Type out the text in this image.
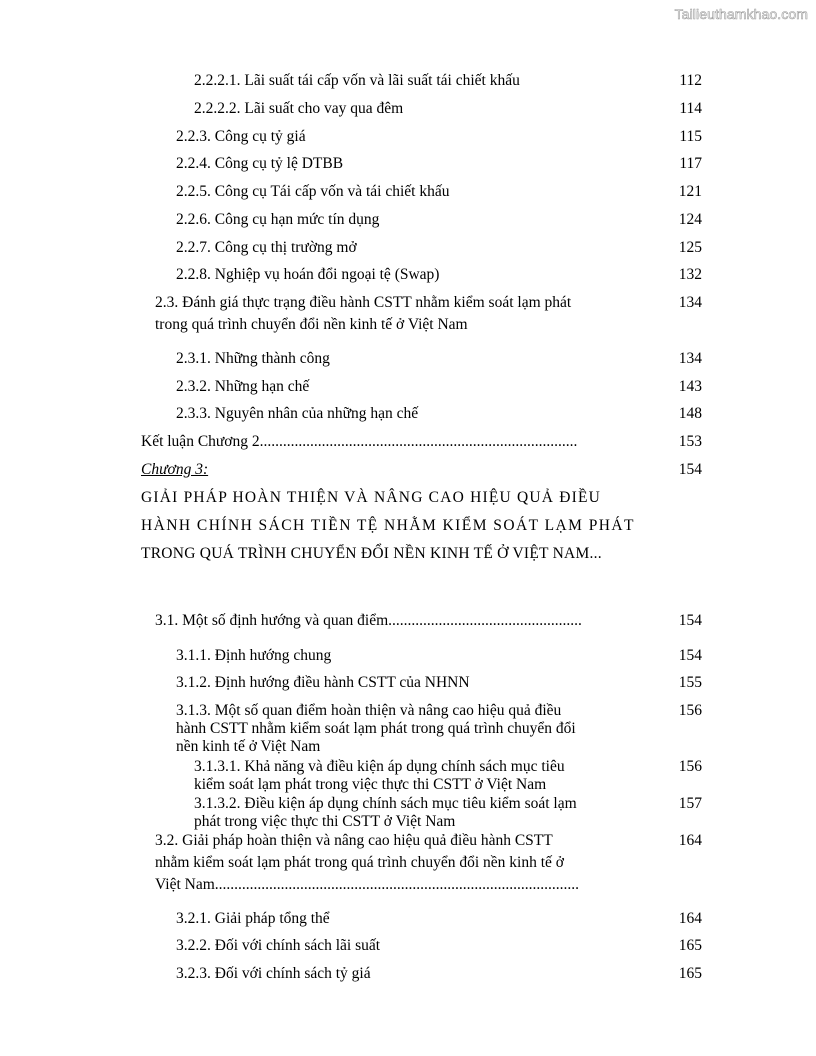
Tailieuthamkhao.com
2.2.2.1. Lãi suất tái cấp vốn và lãi suất tái chiết khấu	112
2.2.2.2. Lãi suất cho vay qua đêm	114
2.2.3. Công cụ tỷ giá	115
2.2.4. Công cụ tỷ lệ DTBB	117
2.2.5. Công cụ Tái cấp vốn và tái chiết khấu	121
2.2.6. Công cụ hạn mức tín dụng	124
2.2.7. Công cụ thị trường mở	125
2.2.8. Nghiệp vụ hoán đổi ngoại tệ (Swap)	132
2.3. Đánh giá thực trạng điều hành CSTT nhằm kiểm soát lạm phát
trong quá trình chuyển đổi nền kinh tế ở Việt Nam
134
2.3.1. Những thành công	134
2.3.2. Những hạn chế	143
2.3.3. Nguyên nhân của những hạn chế	148
Kết luận Chương 2..................................................................................	153
Chương 3:	154
GIẢI PHÁP HOÀN THIỆN VÀ NÂNG CAO HIỆU QUẢ ĐIỀU
HÀNH CHÍNH SÁCH TIỀN TỆ NHẰM KIỂM SOÁT LẠM PHÁT
TRONG QUÁ TRÌNH CHUYỂN ĐỔI NỀN KINH TẾ Ở VIỆT NAM...
3.1. Một số định hướng và quan điểm..................................................	154
3.1.1. Định hướng chung	154
3.1.2. Định hướng điều hành CSTT của NHNN	155
3.1.3. Một số quan điểm hoàn thiện và nâng cao hiệu quả điều
hành CSTT nhằm kiểm soát lạm phát trong quá trình chuyển đổi
nền kinh tế ở Việt Nam
156
3.1.3.1. Khả năng và điều kiện áp dụng chính sách mục tiêu
kiểm soát lạm phát trong việc thực thi CSTT ở Việt Nam
156
3.1.3.2. Điều kiện áp dụng chính sách mục tiêu kiểm soát lạm
phát trong việc thực thi CSTT ở Việt Nam
157
3.2. Giải pháp hoàn thiện và nâng cao hiệu quả điều hành CSTT
nhằm kiểm soát lạm phát trong quá trình chuyển đổi nền kinh tế ở
Việt Nam..............................................................................................
164
3.2.1. Giải pháp tổng thể	164
3.2.2. Đối với chính sách lãi suất	165
3.2.3. Đối với chính sách tỷ giá	165
